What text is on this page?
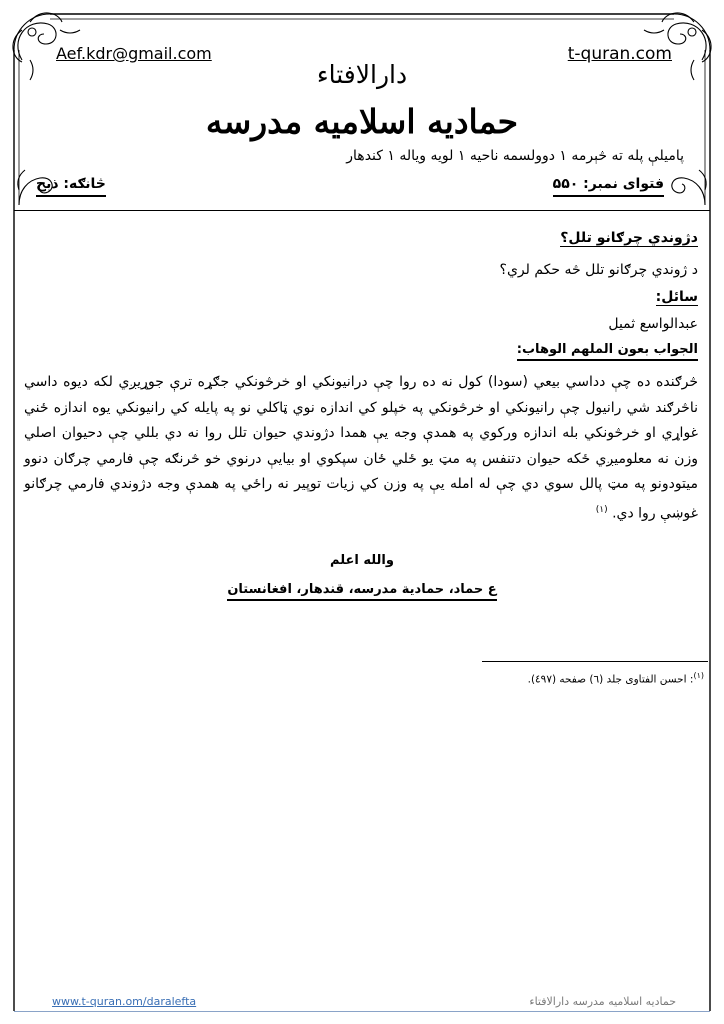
Aef.kdr@gmail.com	t-quran.com
دارالافتاء
حمادیه اسلامیه مدرسه
پامیلې پله ته څېرمه ۱ دوولسمه ناحیه ۱ لویه ویاله ۱ کندهار
فتوای نمبر: ۵۵۰
څانګه: ذبح
دژوندي چرګانو تلل؟
د ژوندي چرګانو تلل څه حکم لري؟
سائل:
عبدالواسع ثمیل
الجواب بعون الملهم الوهاب:
څرګنده ده چې دداسي بیعي (سودا) کول نه ده روا چې درانیونکي او خرڅونکي جګړه ترې جوړیږي لکه دیوه داسي ناڅرګند شي رانیول چې رانیونکي او خرڅونکي په خپلو کي اندازه نوي ټاکلي نو په پایله کي رانیونکي یوه اندازه ځني غواړي او خرڅونکي بله اندازه ورکوي په همدې وجه یې همدا دژوندي حیوان تلل روا نه دي بللي چې دحیوان اصلي وزن نه معلومیږي ځکه حیوان دتنفس په مټ یو ځلي ځان سپکوي او بیایې درنوي خو څرنګه چې فارمي چرګان دنوو میتودونو په مټ پالل سوي دي چې له امله یې په وزن کي زیات توپیر نه راځي په همدې وجه دژوندي فارمي چرګانو غوښې روا دي. $^{(۱)}$
والله اعلم
ع حماد، حمادیة مدرسه، قندهار، افغانستان
$^{(۱)}$: احسن الفتاوی جلد (٦) صفحه (٤٩٧).
www.t-quran.om/daralefta	حمادیه اسلامیه مدرسه دارالافتاء
